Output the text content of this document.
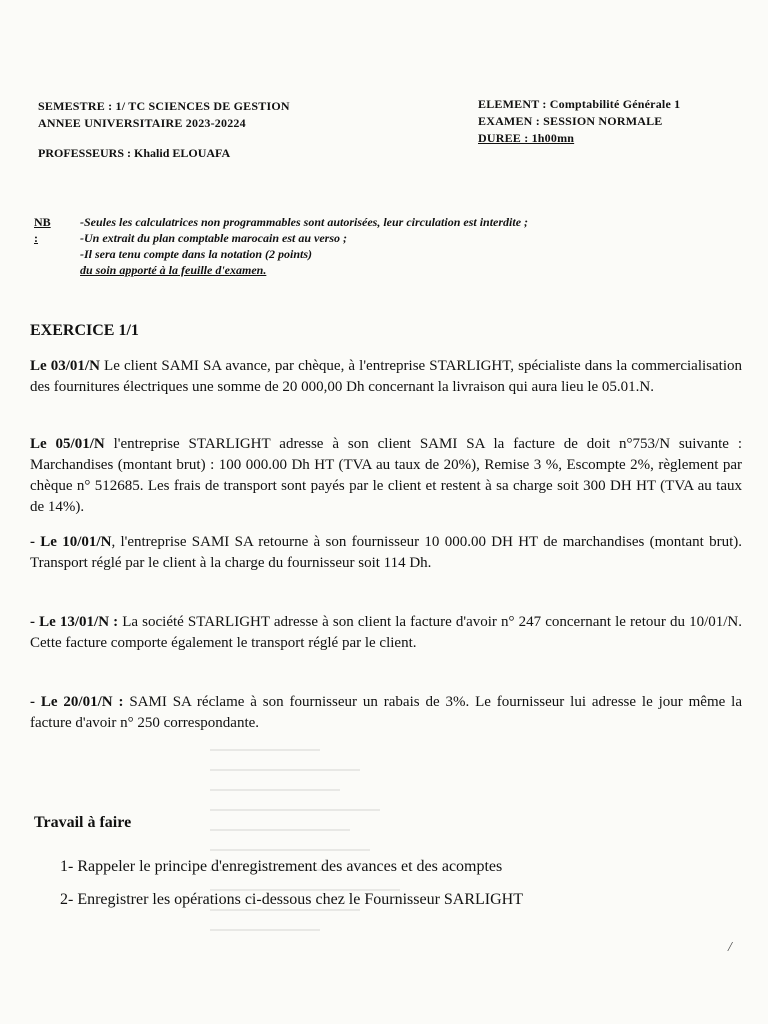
SEMESTRE : 1/ TC SCIENCES DE GESTION
ANNEE UNIVERSITAIRE 2023-20224
ELEMENT : Comptabilité Générale 1
EXAMEN : SESSION NORMALE
DUREE : 1h00mn
PROFESSEURS : Khalid ELOUAFA
NB :
-Seules les calculatrices non programmables sont autorisées, leur circulation est interdite ;
-Un extrait du plan comptable marocain est au verso ;
-Il sera tenu compte dans la notation (2 points)
du soin apporté à la feuille d'examen.
EXERCICE 1/1

Le 03/01/N Le client SAMI SA avance, par chèque, à l'entreprise STARLIGHT, spécialiste dans la commercialisation des fournitures électriques une somme de 20 000,00 Dh concernant la livraison qui aura lieu le 05.01.N.

Le 05/01/N l'entreprise STARLIGHT adresse à son client SAMI SA la facture de doit n°753/N suivante : Marchandises (montant brut) : 100 000.00 Dh HT (TVA au taux de 20%), Remise 3 %, Escompte 2%, règlement par chèque n° 512685. Les frais de transport sont payés par le client et restent à sa charge soit 300 DH HT (TVA au taux de 14%).

- Le 10/01/N, l'entreprise SAMI SA retourne à son fournisseur 10 000.00 DH HT de marchandises (montant brut). Transport réglé par le client à la charge du fournisseur soit 114 Dh.

- Le 13/01/N : La société STARLIGHT adresse à son client la facture d'avoir n° 247 concernant le retour du 10/01/N. Cette facture comporte également le transport réglé par le client.

- Le 20/01/N : SAMI SA réclame à son fournisseur un rabais de 3%. Le fournisseur lui adresse le jour même la facture d'avoir n° 250 correspondante.

Travail à faire
1- Rappeler le principe d'enregistrement des avances et des acomptes
2- Enregistrer les opérations ci-dessous chez le Fournisseur SARLIGHT
/
